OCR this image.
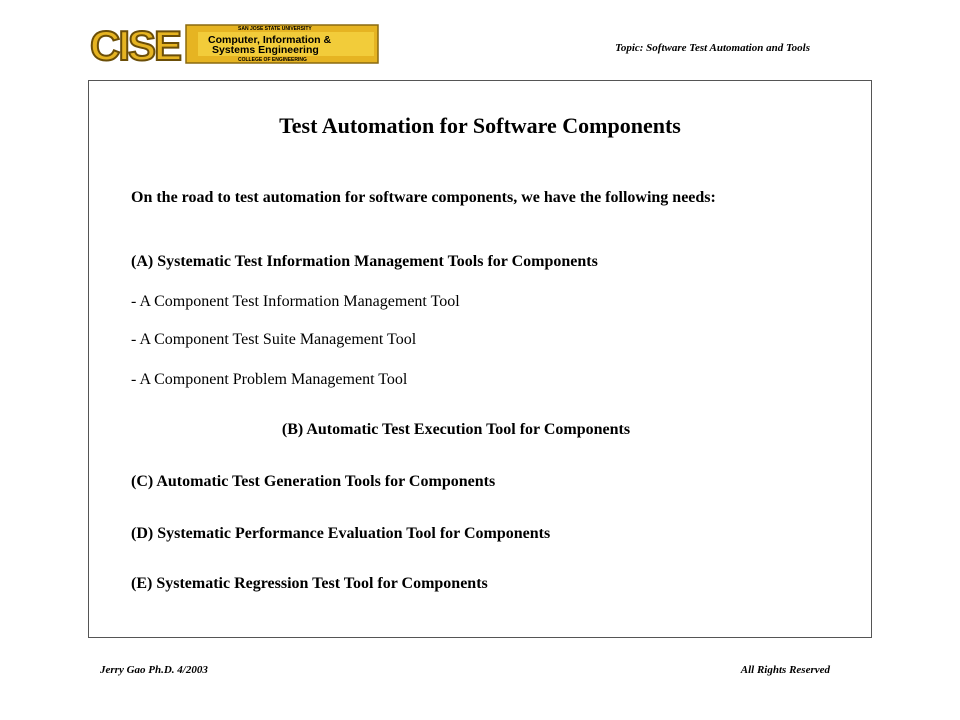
CISE	SAN JOSE STATE UNIVERSITY
Computer, Information &
Systems Engineering
COLLEGE OF ENGINEERING
Topic: Software Test Automation and Tools
Test Automation for Software Components
On the road to test automation for software components, we have the following needs:
(A) Systematic Test Information Management Tools for Components
- A Component Test Information Management Tool
- A Component Test Suite Management Tool
- A Component Problem Management Tool
(B) Automatic Test Execution Tool for Components
(C) Automatic Test Generation Tools for Components
(D) Systematic Performance Evaluation Tool for Components
(E) Systematic Regression Test Tool for Components
Jerry Gao Ph.D. 4/2003	All Rights Reserved
